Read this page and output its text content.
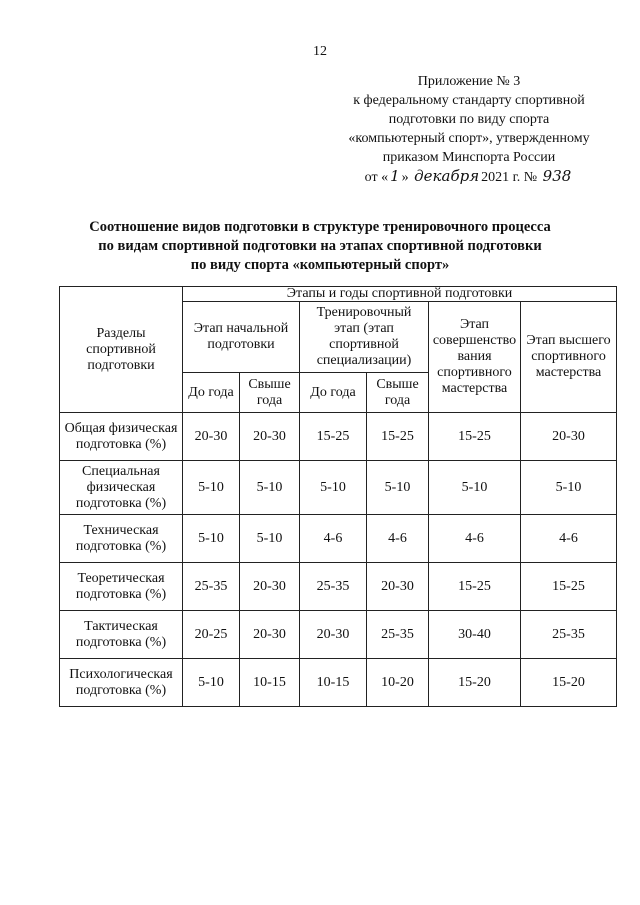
12
Приложение № 3
к федеральному стандарту спортивной
подготовки по виду спорта
«компьютерный спорт», утвержденному
приказом Минспорта России
от « 1 » декабря 2021 г. № 938
Соотношение видов подготовки в структуре тренировочного процесса
по видам спортивной подготовки на этапах спортивной подготовки
по виду спорта «компьютерный спорт»
Разделы спортивной подготовки	Этапы и годы спортивной подготовки					
	Этап начальной подготовки		Тренировочный этап (этап спортивной специализации)		Этап совершенство вания спортивного мастерства	Этап высшего спортивного мастерства
	До года	Свыше года	До года	Свыше года		
Общая физическая подготовка (%)	20-30	20-30	15-25	15-25	15-25	20-30
Специальная физическая подготовка (%)	5-10	5-10	5-10	5-10	5-10	5-10
Техническая подготовка (%)	5-10	5-10	4-6	4-6	4-6	4-6
Теоретическая подготовка (%)	25-35	20-30	25-35	20-30	15-25	15-25
Тактическая подготовка (%)	20-25	20-30	20-30	25-35	30-40	25-35
Психологическая подготовка (%)	5-10	10-15	10-15	10-20	15-20	15-20
